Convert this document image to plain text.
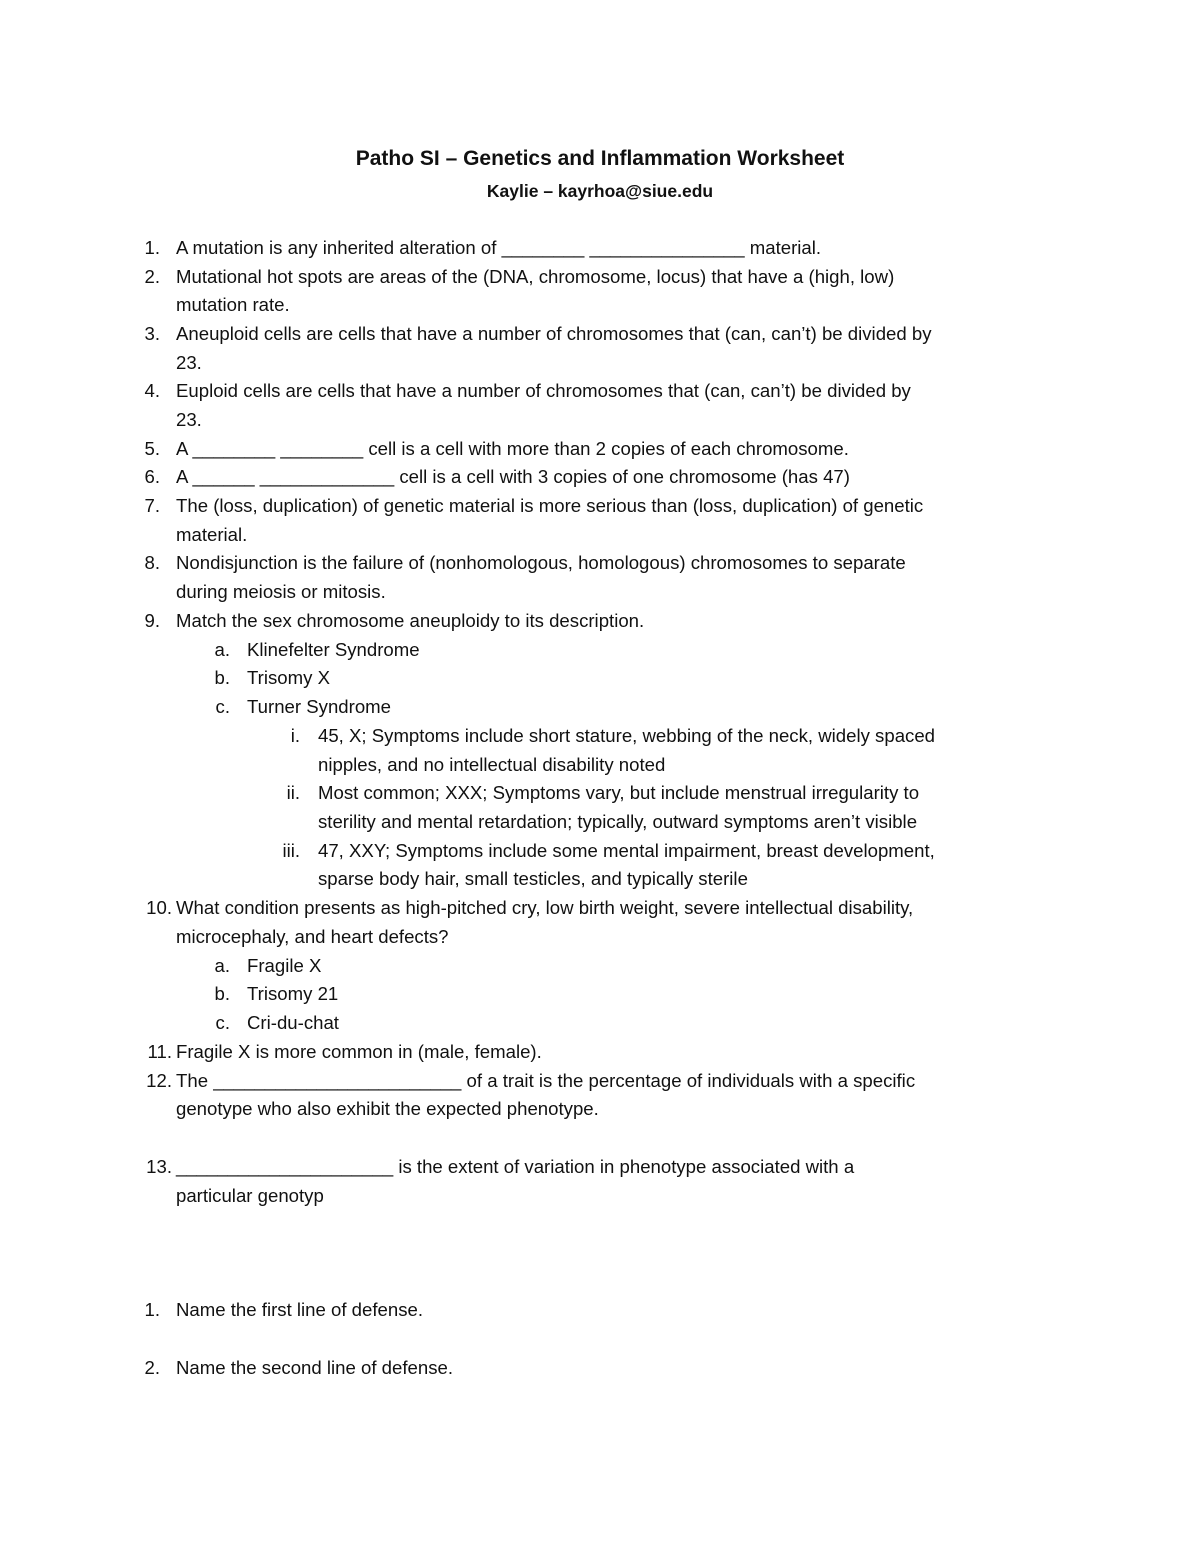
Patho SI – Genetics and Inflammation Worksheet
Kaylie – kayrhoa@siue.edu
1. A mutation is any inherited alteration of ________ _______________ material.
2. Mutational hot spots are areas of the (DNA, chromosome, locus) that have a (high, low)
mutation rate.
3. Aneuploid cells are cells that have a number of chromosomes that (can, can’t) be divided by
23.
4. Euploid cells are cells that have a number of chromosomes that (can, can’t) be divided by
23.
5. A ________ ________ cell is a cell with more than 2 copies of each chromosome.
6. A ______ _____________ cell is a cell with 3 copies of one chromosome (has 47)
7. The (loss, duplication) of genetic material is more serious than (loss, duplication) of genetic
material.
8. Nondisjunction is the failure of (nonhomologous, homologous) chromosomes to separate
during meiosis or mitosis.
9. Match the sex chromosome aneuploidy to its description.
a. Klinefelter Syndrome
b. Trisomy X
c. Turner Syndrome
i. 45, X; Symptoms include short stature, webbing of the neck, widely spaced
nipples, and no intellectual disability noted
ii. Most common; XXX; Symptoms vary, but include menstrual irregularity to
sterility and mental retardation; typically, outward symptoms aren’t visible
iii. 47, XXY; Symptoms include some mental impairment, breast development,
sparse body hair, small testicles, and typically sterile
10. What condition presents as high-pitched cry, low birth weight, severe intellectual disability,
microcephaly, and heart defects?
a. Fragile X
b. Trisomy 21
c. Cri-du-chat
11. Fragile X is more common in (male, female).
12. The ________________________ of a trait is the percentage of individuals with a specific
genotype who also exhibit the expected phenotype.
13. _____________________ is the extent of variation in phenotype associated with a
particular genotyp
1. Name the first line of defense.
2. Name the second line of defense.
